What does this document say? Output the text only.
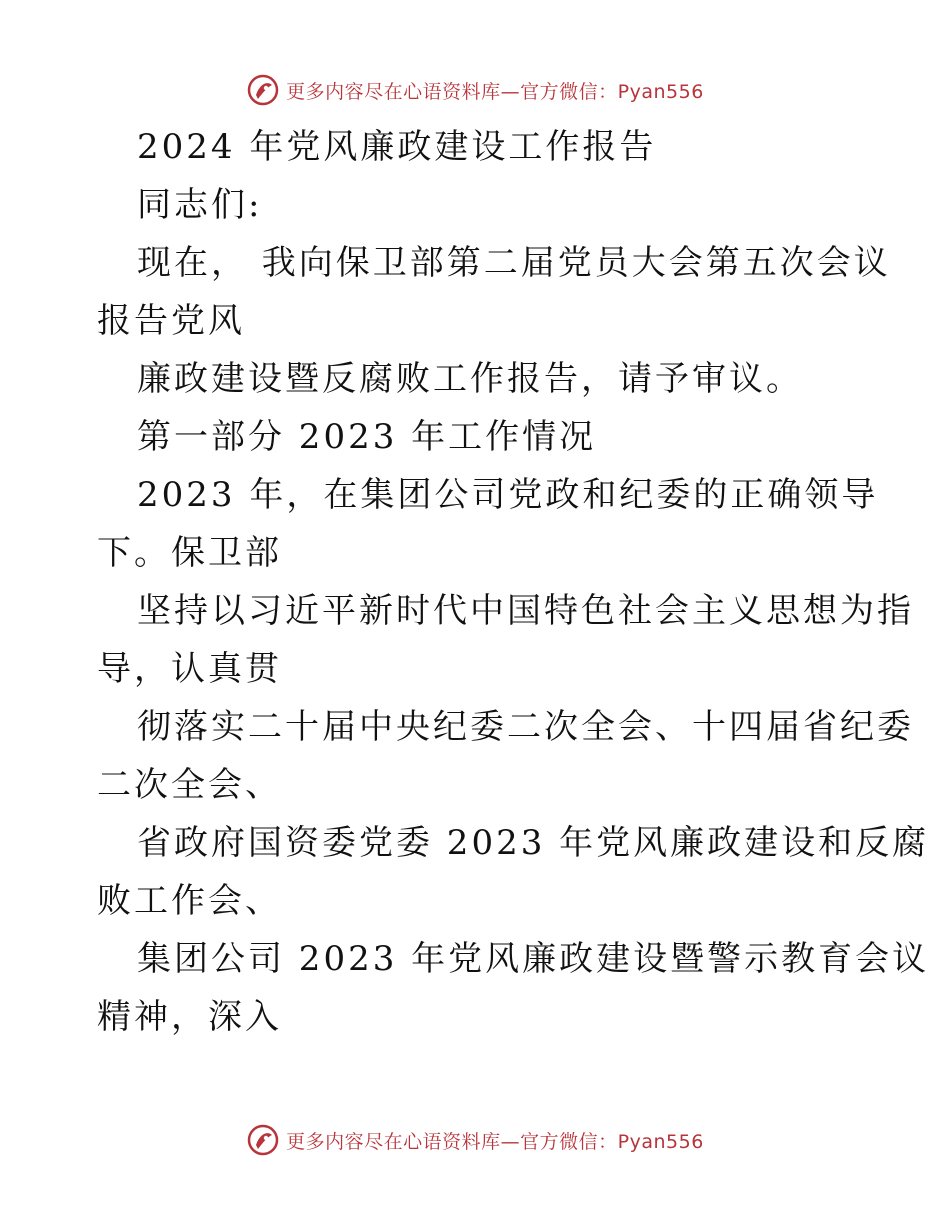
更多内容尽在心语资料库—官方微信：Pyan556
2024 年党风廉政建设工作报告
同志们:
现在， 我向保卫部第二届党员大会第五次会议
报告党风
廉政建设暨反腐败工作报告，请予审议。
第一部分 2023 年工作情况
2023 年，在集团公司党政和纪委的正确领导
下。保卫部
坚持以习近平新时代中国特色社会主义思想为指
导，认真贯
彻落实二十届中央纪委二次全会、十四届省纪委
二次全会、
省政府国资委党委 2023 年党风廉政建设和反腐
败工作会、
集团公司 2023 年党风廉政建设暨警示教育会议
精神，深入
更多内容尽在心语资料库—官方微信：Pyan556
